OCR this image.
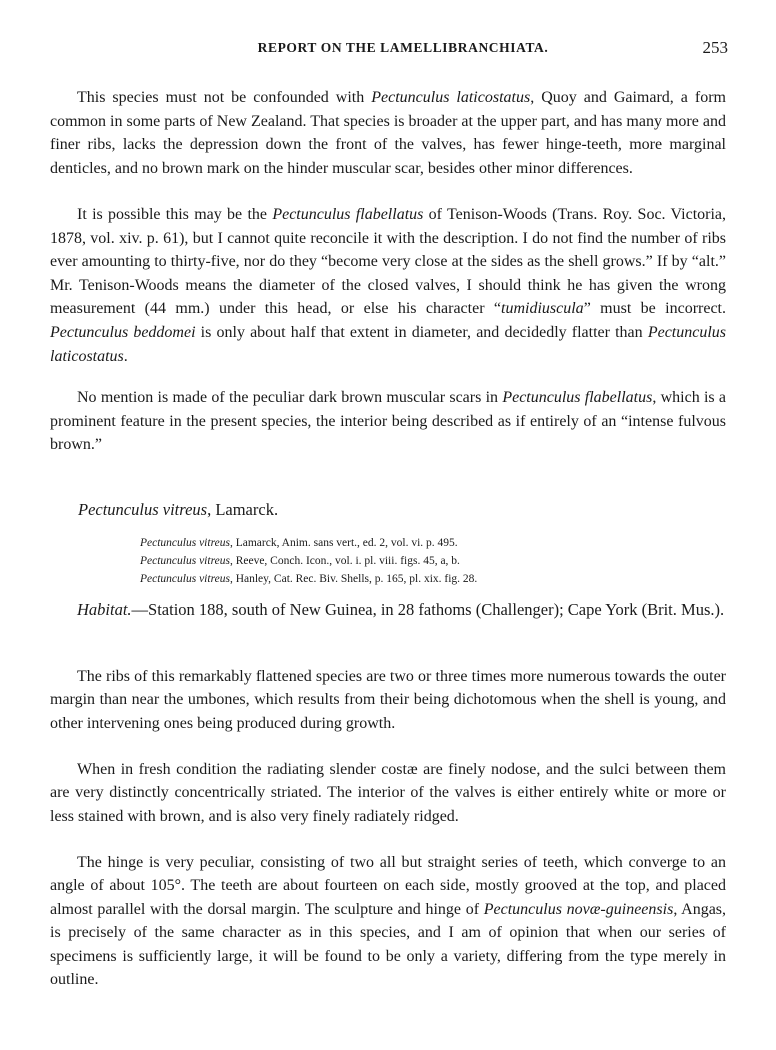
REPORT ON THE LAMELLIBRANCHIATA.	253

This species must not be confounded with Pectunculus laticostatus, Quoy and Gaimard, a form common in some parts of New Zealand. That species is broader at the upper part, and has many more and finer ribs, lacks the depression down the front of the valves, has fewer hinge-teeth, more marginal denticles, and no brown mark on the hinder muscular scar, besides other minor differences.

It is possible this may be the Pectunculus flabellatus of Tenison-Woods (Trans. Roy. Soc. Victoria, 1878, vol. xiv. p. 61), but I cannot quite reconcile it with the description. I do not find the number of ribs ever amounting to thirty-five, nor do they “become very close at the sides as the shell grows.” If by “alt.” Mr. Tenison-Woods means the diameter of the closed valves, I should think he has given the wrong measurement (44 mm.) under this head, or else his character “tumidiuscula” must be incorrect. Pectunculus beddomei is only about half that extent in diameter, and decidedly flatter than Pectunculus laticostatus.

No mention is made of the peculiar dark brown muscular scars in Pectunculus flabellatus, which is a prominent feature in the present species, the interior being described as if entirely of an “intense fulvous brown.”

Pectunculus vitreus, Lamarck.

Pectunculus vitreus, Lamarck, Anim. sans vert., ed. 2, vol. vi. p. 495.

Pectunculus vitreus, Reeve, Conch. Icon., vol. i. pl. viii. figs. 45, a, b.

Pectunculus vitreus, Hanley, Cat. Rec. Biv. Shells, p. 165, pl. xix. fig. 28.

Habitat.—Station 188, south of New Guinea, in 28 fathoms (Challenger); Cape York (Brit. Mus.).

The ribs of this remarkably flattened species are two or three times more numerous towards the outer margin than near the umbones, which results from their being dichotomous when the shell is young, and other intervening ones being produced during growth.

When in fresh condition the radiating slender costæ are finely nodose, and the sulci between them are very distinctly concentrically striated. The interior of the valves is either entirely white or more or less stained with brown, and is also very finely radiately ridged.

The hinge is very peculiar, consisting of two all but straight series of teeth, which converge to an angle of about 105°. The teeth are about fourteen on each side, mostly grooved at the top, and placed almost parallel with the dorsal margin. The sculpture and hinge of Pectunculus novæ-guineensis, Angas, is precisely of the same character as in this species, and I am of opinion that when our series of specimens is sufficiently large, it will be found to be only a variety, differing from the type merely in outline.
